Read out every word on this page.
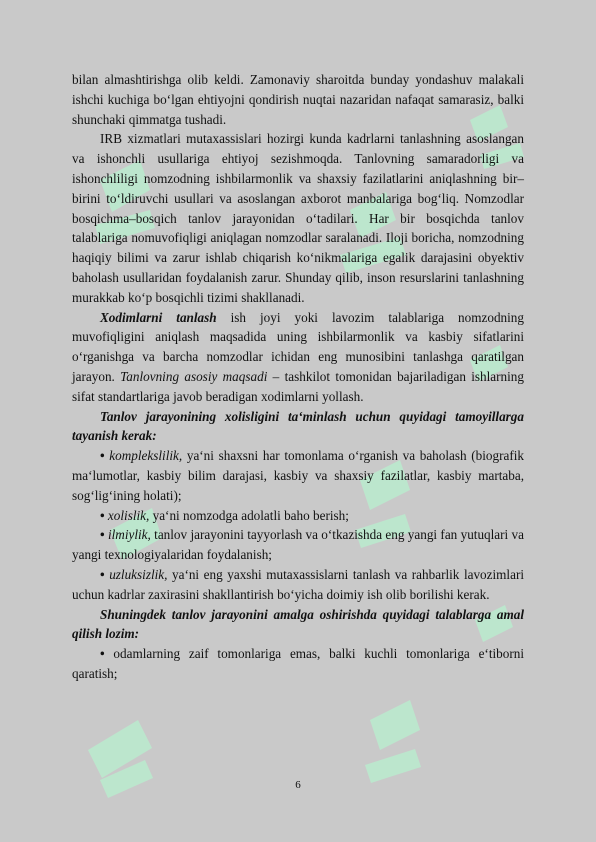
bilan almashtirishga olib keldi. Zamonaviy sharoitda bunday yondashuv malakali ishchi kuchiga bo‘lgan ehtiyojni qondirish nuqtai nazaridan nafaqat samarasiz, balki shunchaki qimmatga tushadi.

IRB xizmatlari mutaxassislari hozirgi kunda kadrlarni tanlashning asoslangan va ishonchli usullariga ehtiyoj sezishmoqda. Tanlovning samaradorligi va ishonchliligi nomzodning ishbilarmonlik va shaxsiy fazilatlarini aniqlashning bir–birini to‘ldiruvchi usullari va asoslangan axborot manbalariga bog‘liq. Nomzodlar bosqichma–bosqich tanlov jarayonidan o‘tadilari. Har bir bosqichda tanlov talablariga nomuvofiqligi aniqlagan nomzodlar saralanadi. Iloji boricha, nomzodning haqiqiy bilimi va zarur ishlab chiqarish ko‘nikmalariga egalik darajasini obyektiv baholash usullaridan foydalanish zarur. Shunday qilib, inson resurslarini tanlashning murakkab ko‘p bosqichli tizimi shakllanadi.

Xodimlarni tanlash ish joyi yoki lavozim talablariga nomzodning muvofiqligini aniqlash maqsadida uning ishbilarmonlik va kasbiy sifatlarini o‘rganishga va barcha nomzodlar ichidan eng munosibini tanlashga qaratilgan jarayon. Tanlovning asosiy maqsadi – tashkilot tomonidan bajariladigan ishlarning sifat standartlariga javob beradigan xodimlarni yollash.

Tanlov jarayonining xolisligini ta‘minlash uchun quyidagi tamoyillarga tayanish kerak:

• komplekslilik, ya‘ni shaxsni har tomonlama o‘rganish va baholash (biografik ma‘lumotlar, kasbiy bilim darajasi, kasbiy va shaxsiy fazilatlar, kasbiy martaba, sog‘lig‘ining holati);

• xolislik, ya‘ni nomzodga adolatli baho berish;

• ilmiylik, tanlov jarayonini tayyorlash va o‘tkazishda eng yangi fan yutuqlari va yangi texnologiyalaridan foydalanish;

• uzluksizlik, ya‘ni eng yaxshi mutaxassislarni tanlash va rahbarlik lavozimlari uchun kadrlar zaxirasini shakllantirish bo‘yicha doimiy ish olib borilishi kerak.

Shuningdek tanlov jarayonini amalga oshirishda quyidagi talablarga amal qilish lozim:

• odamlarning zaif tomonlariga emas, balki kuchli tomonlariga e‘tiborni qaratish;

6
